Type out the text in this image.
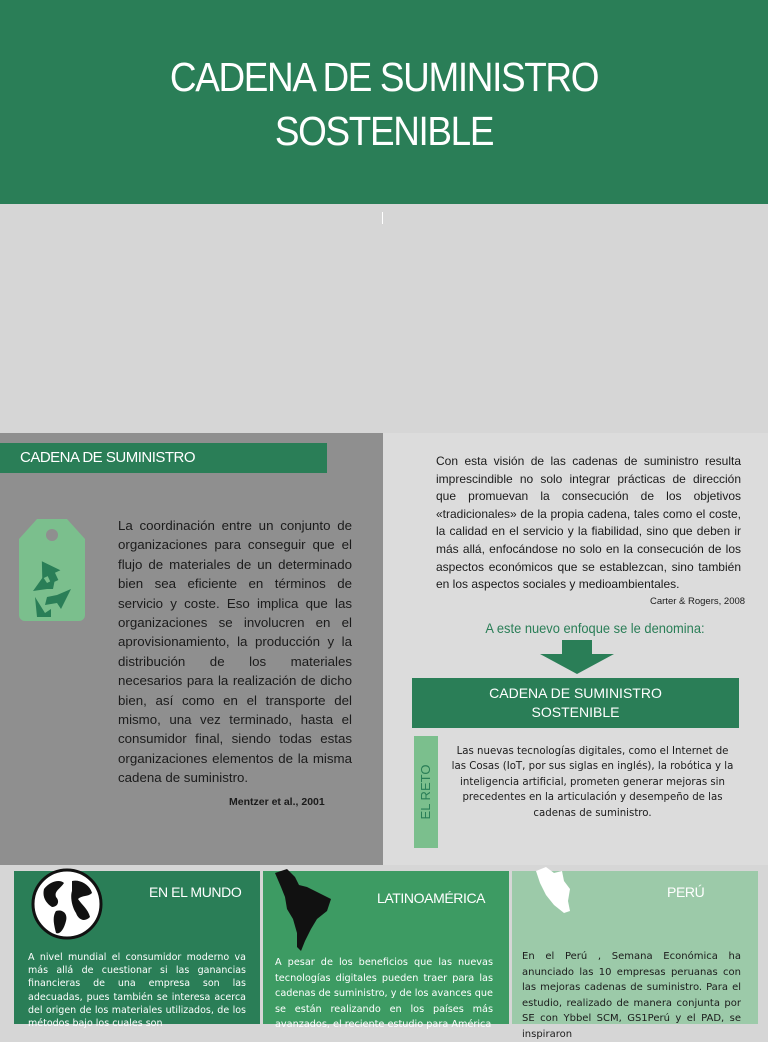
CADENA DE SUMINISTRO
SOSTENIBLE
CADENA DE SUMINISTRO
La coordinación entre un conjunto de organizaciones para conseguir que el flujo de materiales de un determinado bien sea eficiente en términos de servicio y coste. Eso implica que las organizaciones se involucren en el aprovisionamiento, la producción y la distribución de los materiales necesarios para la realización de dicho bien, así como en el transporte del mismo, una vez terminado, hasta el consumidor final, siendo todas estas organizaciones elementos de la misma cadena de suministro.
Mentzer et al., 2001
Con esta visión de las cadenas de suministro resulta imprescindible no solo integrar prácticas de dirección que promuevan la consecución de los objetivos «tradicionales» de la propia cadena, tales como el coste, la calidad en el servicio y la fiabilidad, sino que deben ir más allá, enfocándose no solo en la consecución de los aspectos económicos que se establezcan, sino también en los aspectos sociales y medioambientales.
Carter & Rogers, 2008
A este nuevo enfoque se le denomina:
CADENA DE SUMINISTRO
SOSTENIBLE
EL RETO
Las nuevas tecnologías digitales, como el Internet de las Cosas (IoT, por sus siglas en inglés), la robótica y la inteligencia artificial, prometen generar mejoras sin precedentes en la articulación y desempeño de las cadenas de suministro.
EN EL MUNDO
A nivel mundial el consumidor moderno va más allá de cuestionar si las ganancias financieras de una empresa son las adecuadas, pues también se interesa acerca del origen de los materiales utilizados, de los métodos bajo los cuales son
LATINOAMÉRICA
A pesar de los beneficios que las nuevas tecnologías digitales pueden traer para las cadenas de suministro, y de los avances que se están realizando en los países más avanzados, el reciente estudio para América
PERÚ
En el Perú , Semana Económica ha anunciado las 10 empresas peruanas con las mejoras cadenas de suministro. Para el estudio, realizado de manera conjunta por SE con Ybbel SCM, GS1Perú y el PAD, se inspiraron
